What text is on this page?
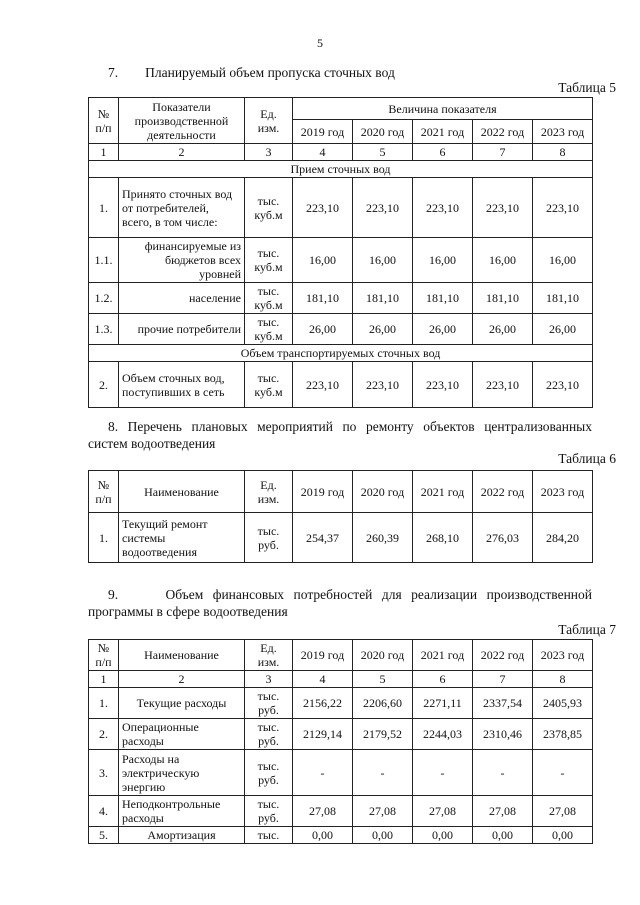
5
7.        Планируемый объем пропуска сточных вод
Таблица 5
№ п/п	Показатели производственной деятельности	Ед. изм.	Величина показателя				
			2019 год	2020 год	2021 год	2022 год	2023 год
1	2	3	4	5	6	7	8
Прием сточных вод							
1.	Принято сточных вод от потребителей, всего, в том числе:	тыс. куб.м	223,10	223,10	223,10	223,10	223,10
1.1.	финансируемые из бюджетов всех уровней	тыс. куб.м	16,00	16,00	16,00	16,00	16,00
1.2.	население	тыс. куб.м	181,10	181,10	181,10	181,10	181,10
1.3.	прочие потребители	тыс. куб.м	26,00	26,00	26,00	26,00	26,00
Объем транспортируемых сточных вод							
2.	Объем сточных вод, поступивших в сеть	тыс. куб.м	223,10	223,10	223,10	223,10	223,10
8. Перечень плановых мероприятий по ремонту объектов централизованных
систем водоотведения
Таблица 6
№ п/п	Наименование	Ед. изм.	2019 год	2020 год	2021 год	2022 год	2023 год
1.	Текущий ремонт системы водоотведения	тыс. руб.	254,37	260,39	268,10	276,03	284,20
9.     Объем финансовых потребностей для реализации производственной
программы в сфере водоотведения
Таблица 7
№ п/п	Наименование	Ед. изм.	2019 год	2020 год	2021 год	2022 год	2023 год
1	2	3	4	5	6	7	8
1.	Текущие расходы	тыс. руб.	2156,22	2206,60	2271,11	2337,54	2405,93
2.	Операционные расходы	тыс. руб.	2129,14	2179,52	2244,03	2310,46	2378,85
3.	Расходы на электрическую энергию	тыс. руб.	-	-	-	-	-
4.	Неподконтрольные расходы	тыс. руб.	27,08	27,08	27,08	27,08	27,08
5.	Амортизация	тыс.	0,00	0,00	0,00	0,00	0,00
